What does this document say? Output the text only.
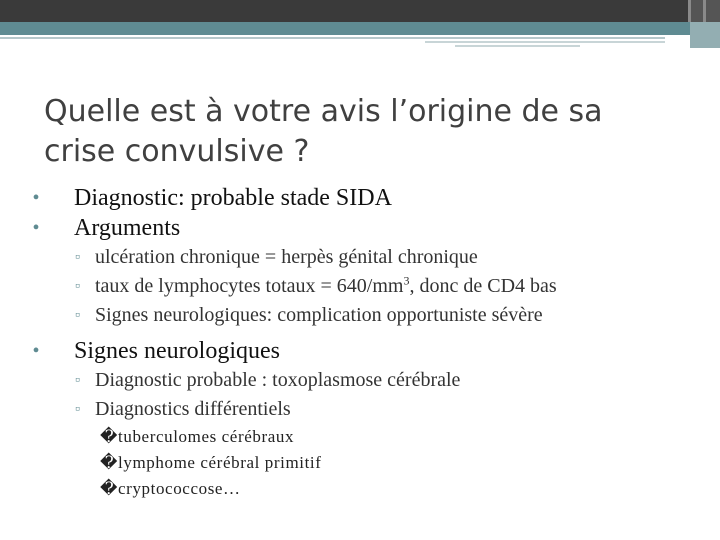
Quelle est à votre avis l’origine de sa
crise convulsive ?
• Diagnostic: probable stade SIDA
• Arguments
▫ ulcération chronique = herpès génital chronique
▫ taux de lymphocytes totaux = $640/mm^3$, donc de CD4 bas
▫ Signes neurologiques: complication opportuniste sévère
• Signes neurologiques
▫ Diagnostic probable : toxoplasmose cérébrale
▫ Diagnostics différentiels
�tuberculomes cérébraux
�lymphome cérébral primitif
�cryptococcose…
